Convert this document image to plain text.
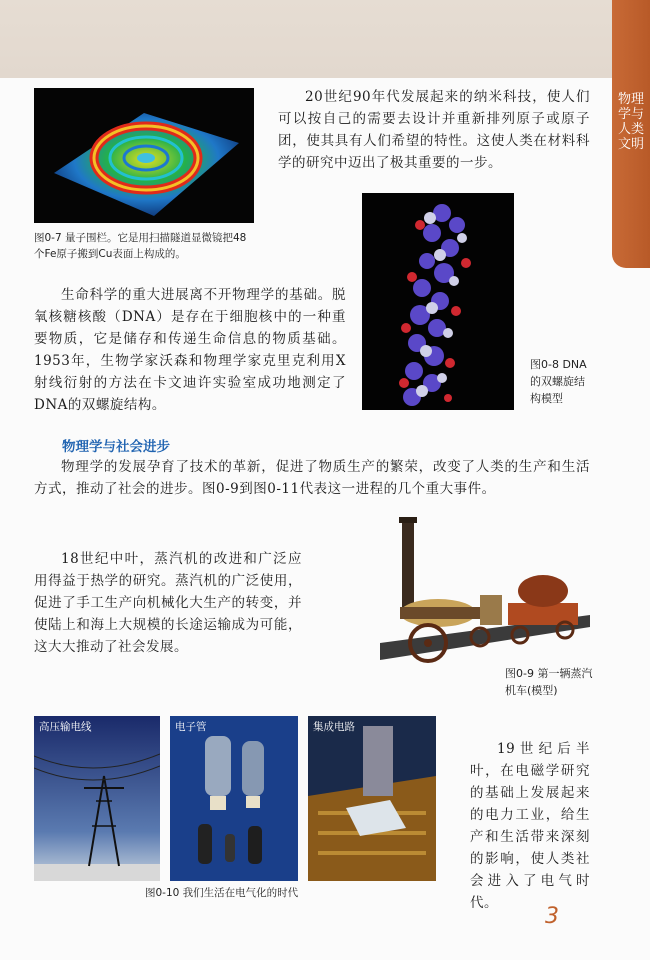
物理学与人类文明

图0-7 量子围栏。它是用扫描隧道显微镜把48个Fe原子搬到Cu表面上构成的。

20世纪90年代发展起来的纳米科技，使人们可以按自己的需要去设计并重新排列原子或原子团，使其具有人们希望的特性。这使人类在材料科学的研究中迈出了极其重要的一步。

图0-8 DNA的双螺旋结构模型

生命科学的重大进展离不开物理学的基础。脱氧核糖核酸（DNA）是存在于细胞核中的一种重要物质，它是储存和传递生命信息的物质基础。1953年，生物学家沃森和物理学家克里克利用X射线衍射的方法在卡文迪许实验室成功地测定了DNA的双螺旋结构。

物理学与社会进步

物理学的发展孕育了技术的革新，促进了物质生产的繁荣，改变了人类的生产和生活方式，推动了社会的进步。图0-9到图0-11代表这一进程的几个重大事件。

18世纪中叶，蒸汽机的改进和广泛应用得益于热学的研究。蒸汽机的广泛使用，促进了手工生产向机械化大生产的转变，并使陆上和海上大规模的长途运输成为可能，这大大推动了社会发展。

图0-9 第一辆蒸汽机车(模型)

高压输电线	电子管	集成电路

图0-10 我们生活在电气化的时代

19世纪后半叶，在电磁学研究的基础上发展起来的电力工业，给生产和生活带来深刻的影响，使人类社会进入了电气时代。

3
